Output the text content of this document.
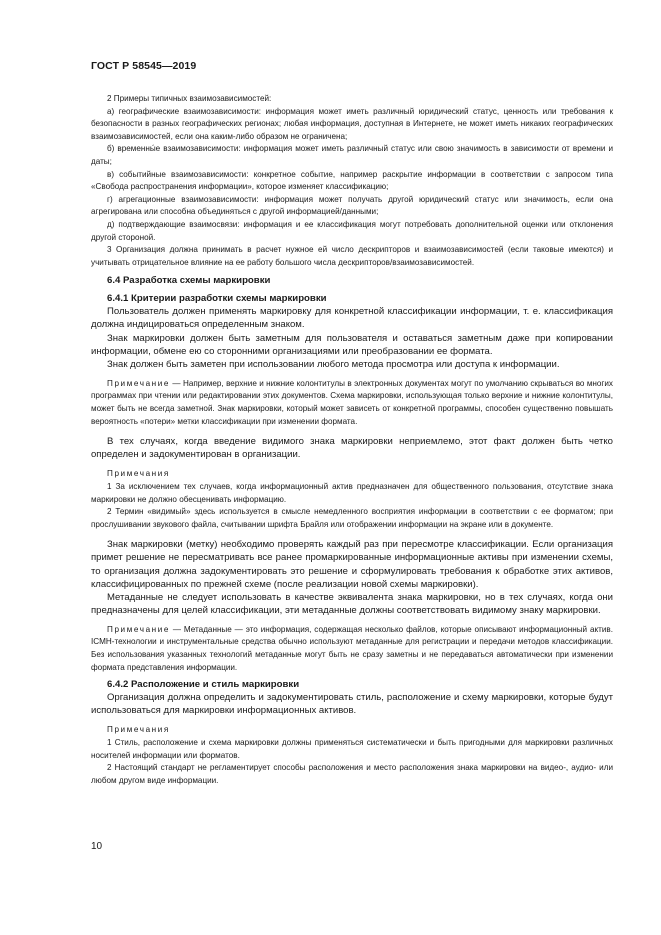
ГОСТ Р 58545—2019

2 Примеры типичных взаимозависимостей:

а) географические взаимозависимости: информация может иметь различный юридический статус, ценность или требования к безопасности в разных географических регионах; любая информация, доступная в Интернете, не может иметь никаких географических взаимозависимостей, если она каким-либо образом не ограничена;

б) временны́е взаимозависимости: информация может иметь различный статус или свою значимость в зависимости от времени и даты;

в) событийные взаимозависимости: конкретное событие, например раскрытие информации в соответствии с запросом типа «Свобода распространения информации», которое изменяет классификацию;

г) агрегационные взаимозависимости: информация может получать другой юридический статус или значимость, если она агрегирована или способна объединяться с другой информацией/данными;

д) подтверждающие взаимосвязи: информация и ее классификация могут потребовать дополнительной оценки или отклонения другой стороной.

3 Организация должна принимать в расчет нужное ей число дескрипторов и взаимозависимостей (если таковые имеются) и учитывать отрицательное влияние на ее работу большого числа дескрипторов/взаимозависимостей.

6.4 Разработка схемы маркировки
6.4.1 Критерии разработки схемы маркировки

Пользователь должен применять маркировку для конкретной классификации информации, т. е. классификация должна индицироваться определенным знаком.

Знак маркировки должен быть заметным для пользователя и оставаться заметным даже при копировании информации, обмене ею со сторонними организациями или преобразовании ее формата.

Знак должен быть заметен при использовании любого метода просмотра или доступа к информации.

Примечание — Например, верхние и нижние колонтитулы в электронных документах могут по умолчанию скрываться во многих программах при чтении или редактировании этих документов. Схема маркировки, использующая только верхние и нижние колонтитулы, может быть не всегда заметной. Знак маркировки, который может зависеть от конкретной программы, способен существенно повышать вероятность «потери» метки классификации при изменении формата.

В тех случаях, когда введение видимого знака маркировки неприемлемо, этот факт должен быть четко определен и задокументирован в организации.

Примечания

1 За исключением тех случаев, когда информационный актив предназначен для общественного пользования, отсутствие знака маркировки не должно обесценивать информацию.

2 Термин «видимый» здесь используется в смысле немедленного восприятия информации в соответствии с ее форматом; при прослушивании звукового файла, считывании шрифта Брайля или отображении информации на экране или в документе.

Знак маркировки (метку) необходимо проверять каждый раз при пересмотре классификации. Если организация примет решение не пересматривать все ранее промаркированные информационные активы при изменении схемы, то организация должна задокументировать это решение и сформулировать требования к обработке этих активов, классифицированных по прежней схеме (после реализации новой схемы маркировки).

Метаданные не следует использовать в качестве эквивалента знака маркировки, но в тех случаях, когда они предназначены для целей классификации, эти метаданные должны соответствовать видимому знаку маркировки.

Примечание — Метаданные — это информация, содержащая несколько файлов, которые описывают информационный актив. ICMH-технологии и инструментальные средства обычно используют метаданные для регистрации и передачи методов классификации. Без использования указанных технологий метаданные могут быть не сразу заметны и не передаваться автоматически при изменении формата представления информации.

6.4.2 Расположение и стиль маркировки

Организация должна определить и задокументировать стиль, расположение и схему маркировки, которые будут использоваться для маркировки информационных активов.

Примечания

1 Стиль, расположение и схема маркировки должны применяться систематически и быть пригодными для маркировки различных носителей информации или форматов.

2 Настоящий стандарт не регламентирует способы расположения и место расположения знака маркировки на видео-, аудио- или любом другом виде информации.

10
